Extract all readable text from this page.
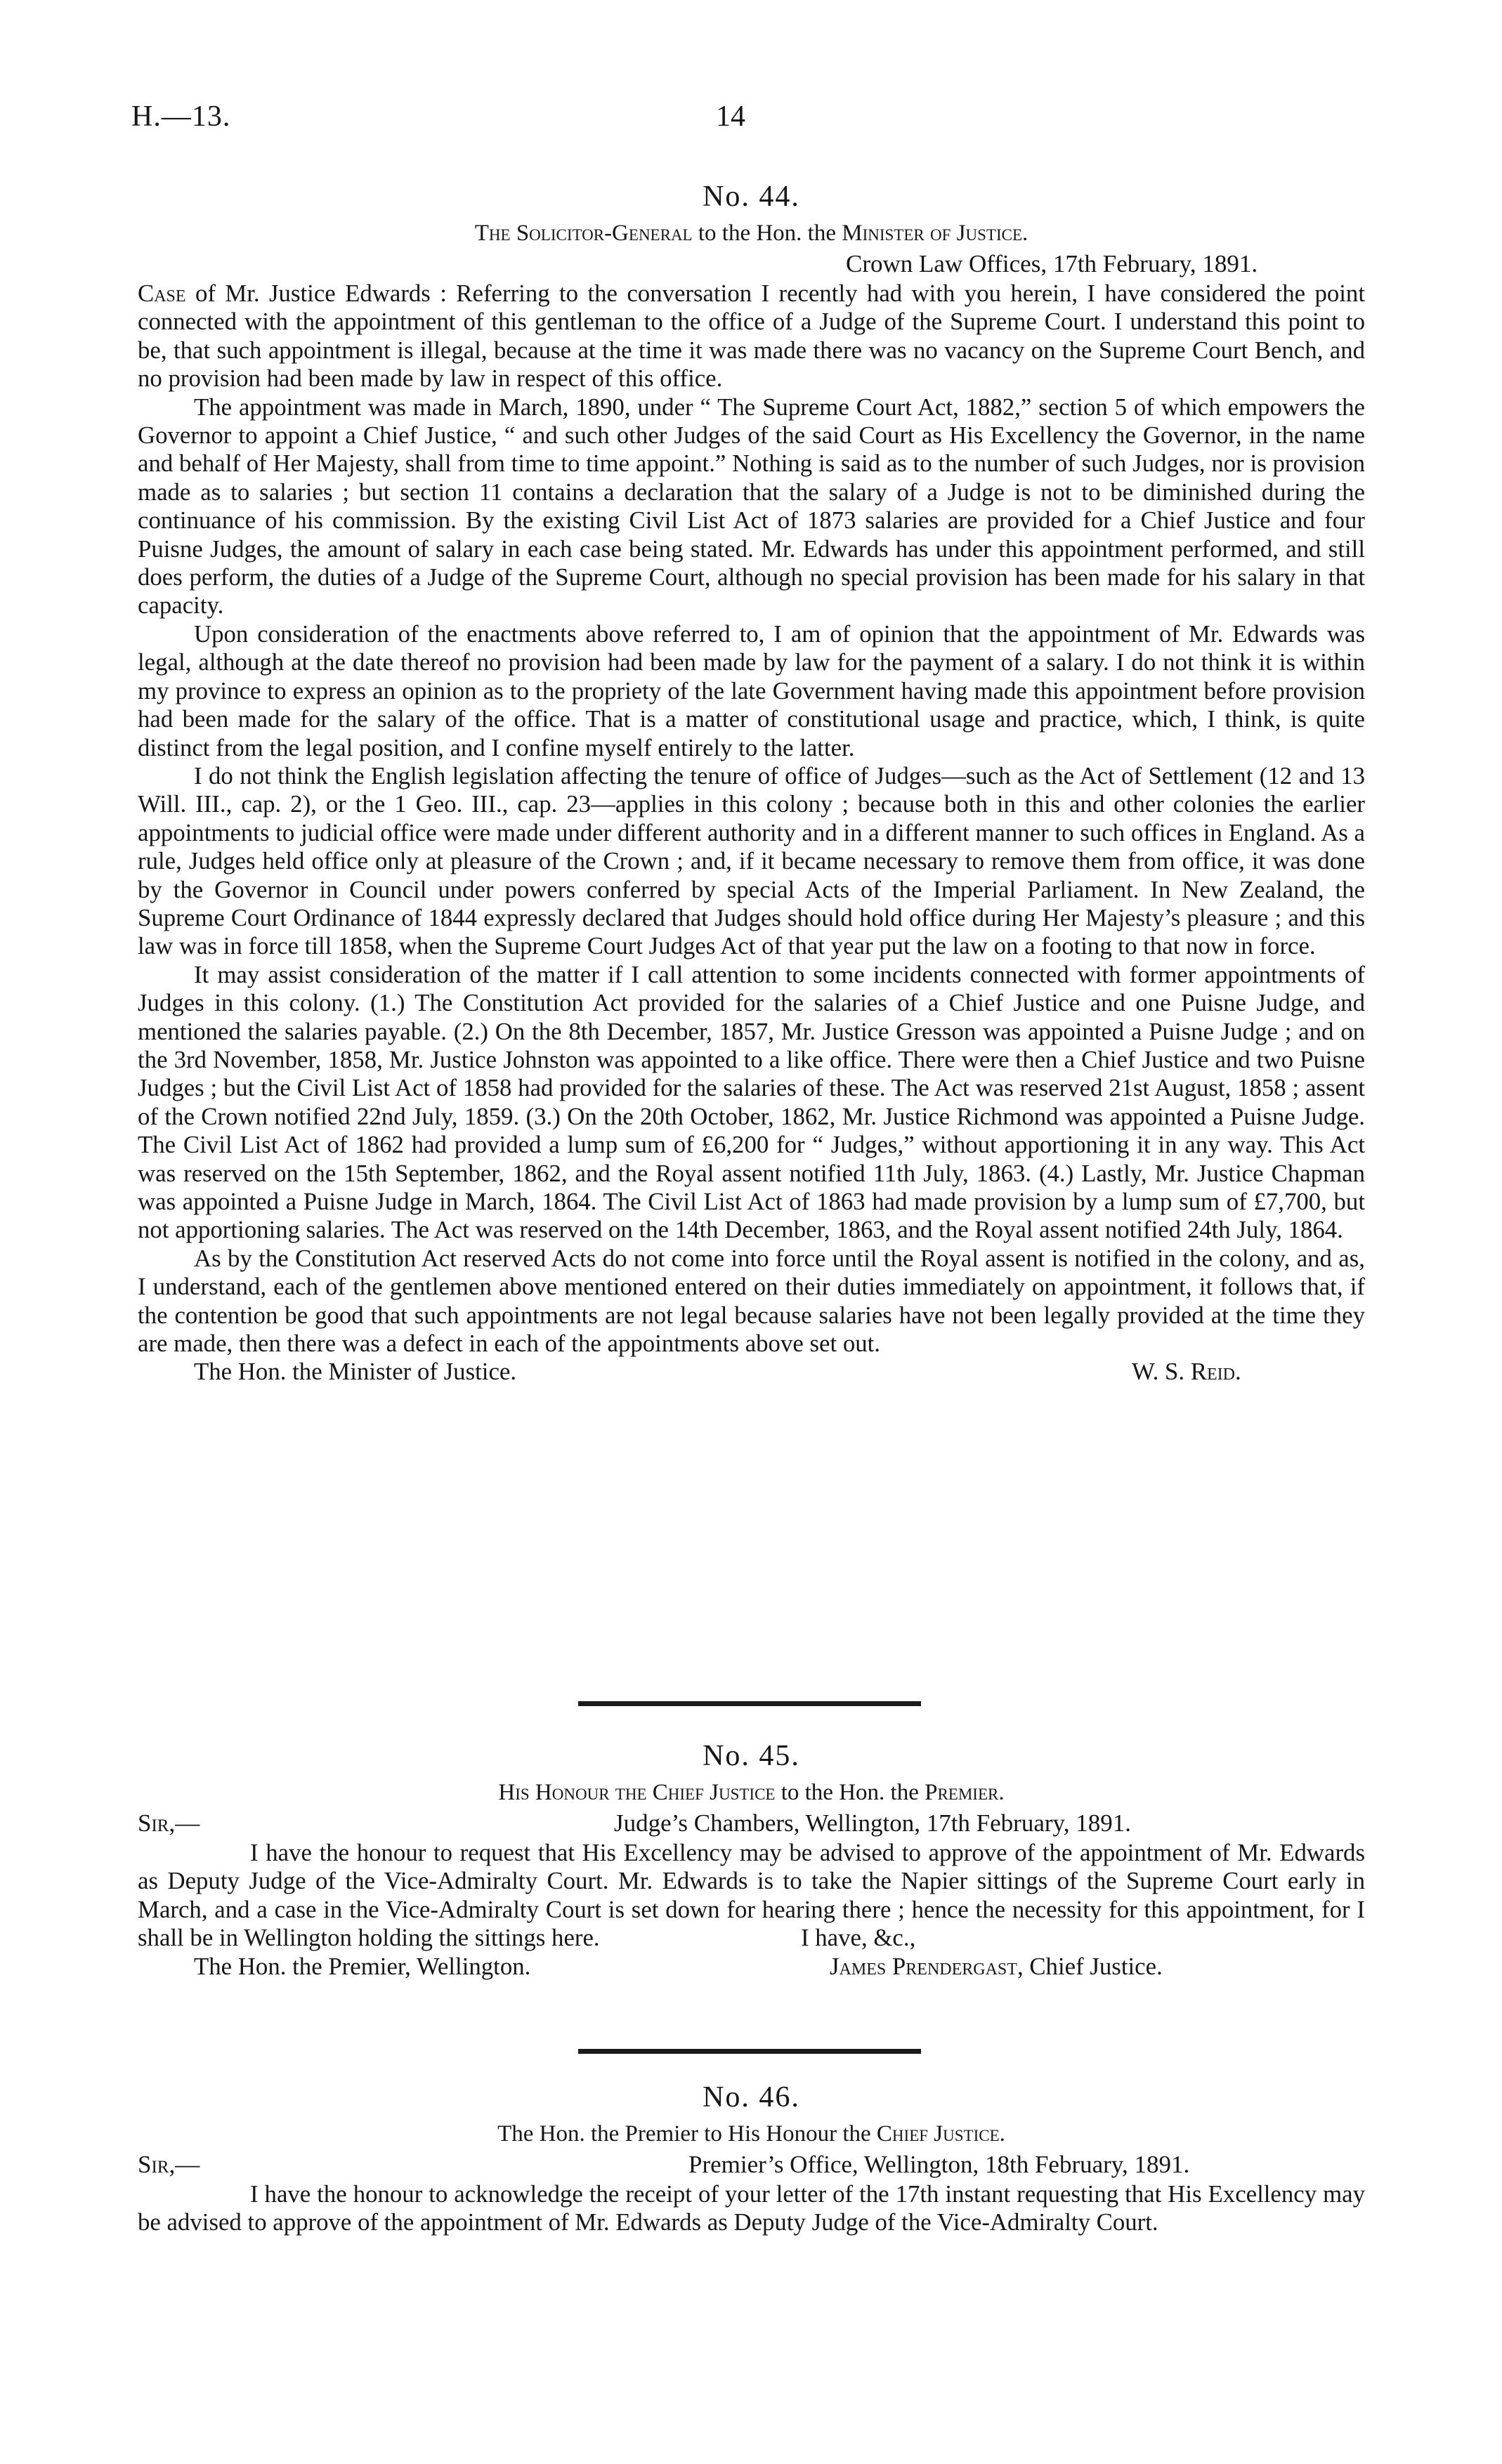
H.—13.	14
No. 44.
The Solicitor-General to the Hon. the Minister of Justice.
Crown Law Offices, 17th February, 1891.

Case of Mr. Justice Edwards : Referring to the conversation I recently had with you herein, I have considered the point connected with the appointment of this gentleman to the office of a Judge of the Supreme Court. I understand this point to be, that such appointment is illegal, because at the time it was made there was no vacancy on the Supreme Court Bench, and no provision had been made by law in respect of this office.

The appointment was made in March, 1890, under “ The Supreme Court Act, 1882,” section 5 of which empowers the Governor to appoint a Chief Justice, “ and such other Judges of the said Court as His Excellency the Governor, in the name and behalf of Her Majesty, shall from time to time appoint.” Nothing is said as to the number of such Judges, nor is provision made as to salaries ; but section 11 contains a declaration that the salary of a Judge is not to be diminished during the continuance of his commission. By the existing Civil List Act of 1873 salaries are provided for a Chief Justice and four Puisne Judges, the amount of salary in each case being stated. Mr. Edwards has under this appointment performed, and still does perform, the duties of a Judge of the Supreme Court, although no special provision has been made for his salary in that capacity.

Upon consideration of the enactments above referred to, I am of opinion that the appointment of Mr. Edwards was legal, although at the date thereof no provision had been made by law for the payment of a salary. I do not think it is within my province to express an opinion as to the propriety of the late Government having made this appointment before provision had been made for the salary of the office. That is a matter of constitutional usage and practice, which, I think, is quite distinct from the legal position, and I confine myself entirely to the latter.

I do not think the English legislation affecting the tenure of office of Judges—such as the Act of Settlement (12 and 13 Will. III., cap. 2), or the 1 Geo. III., cap. 23—applies in this colony ; because both in this and other colonies the earlier appointments to judicial office were made under different authority and in a different manner to such offices in England. As a rule, Judges held office only at pleasure of the Crown ; and, if it became necessary to remove them from office, it was done by the Governor in Council under powers conferred by special Acts of the Imperial Parliament. In New Zealand, the Supreme Court Ordinance of 1844 expressly declared that Judges should hold office during Her Majesty’s pleasure ; and this law was in force till 1858, when the Supreme Court Judges Act of that year put the law on a footing to that now in force.

It may assist consideration of the matter if I call attention to some incidents connected with former appointments of Judges in this colony. (1.) The Constitution Act provided for the salaries of a Chief Justice and one Puisne Judge, and mentioned the salaries payable. (2.) On the 8th December, 1857, Mr. Justice Gresson was appointed a Puisne Judge ; and on the 3rd November, 1858, Mr. Justice Johnston was appointed to a like office. There were then a Chief Justice and two Puisne Judges ; but the Civil List Act of 1858 had provided for the salaries of these. The Act was reserved 21st August, 1858 ; assent of the Crown notified 22nd July, 1859. (3.) On the 20th October, 1862, Mr. Justice Richmond was appointed a Puisne Judge. The Civil List Act of 1862 had provided a lump sum of £6,200 for “ Judges,” without apportioning it in any way. This Act was reserved on the 15th September, 1862, and the Royal assent notified 11th July, 1863. (4.) Lastly, Mr. Justice Chapman was appointed a Puisne Judge in March, 1864. The Civil List Act of 1863 had made provision by a lump sum of £7,700, but not apportioning salaries. The Act was reserved on the 14th December, 1863, and the Royal assent notified 24th July, 1864.

As by the Constitution Act reserved Acts do not come into force until the Royal assent is notified in the colony, and as, I understand, each of the gentlemen above mentioned entered on their duties immediately on appointment, it follows that, if the contention be good that such appointments are not legal because salaries have not been legally provided at the time they are made, then there was a defect in each of the appointments above set out.

The Hon. the Minister of Justice.	W. S. Reid.
No. 45.
His Honour the Chief Justice to the Hon. the Premier.
Sir,—	Judge’s Chambers, Wellington, 17th February, 1891.

I have the honour to request that His Excellency may be advised to approve of the appointment of Mr. Edwards as Deputy Judge of the Vice-Admiralty Court. Mr. Edwards is to take the Napier sittings of the Supreme Court early in March, and a case in the Vice-Admiralty Court is set down for hearing there ; hence the necessity for this appointment, for I shall be in Wellington holding the sittings here.	I have, &c.,
The Hon. the Premier, Wellington.	James Prendergast, Chief Justice.
No. 46.
The Hon. the Premier to His Honour the Chief Justice.
Sir,—	Premier’s Office, Wellington, 18th February, 1891.

I have the honour to acknowledge the receipt of your letter of the 17th instant requesting that His Excellency may be advised to approve of the appointment of Mr. Edwards as Deputy Judge of the Vice-Admiralty Court.
